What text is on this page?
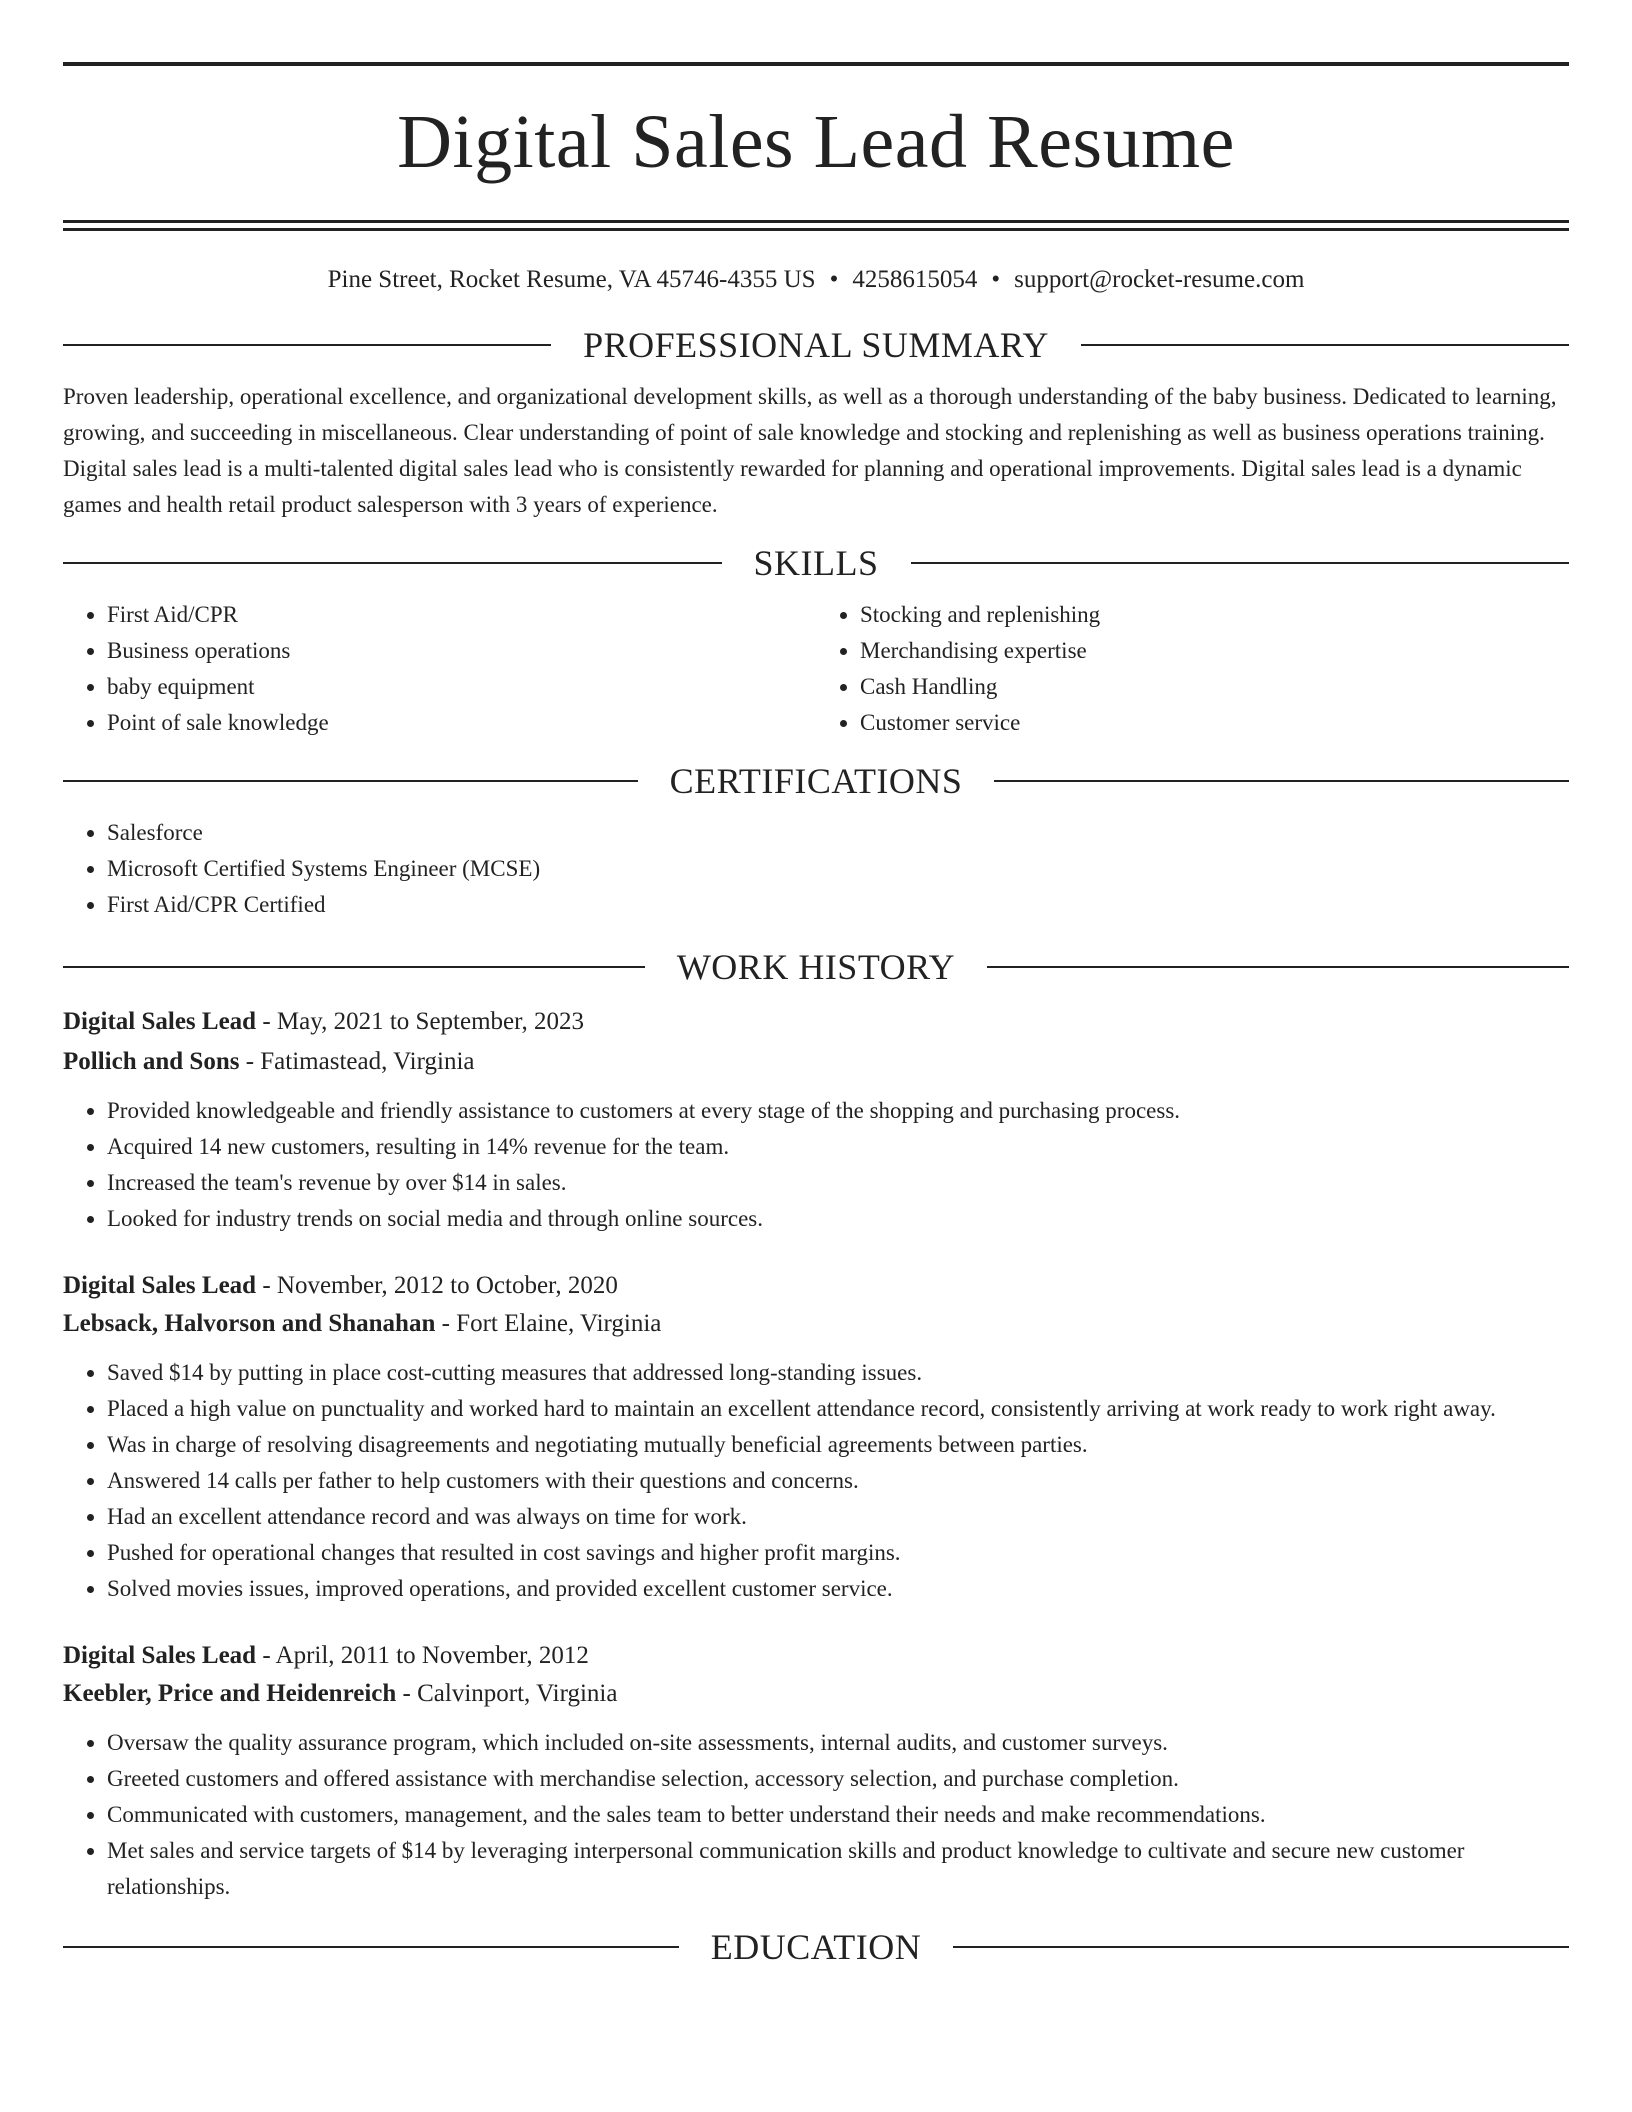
Digital Sales Lead Resume
Pine Street, Rocket Resume, VA 45746-4355 US • 4258615054 • support@rocket-resume.com
PROFESSIONAL SUMMARY

Proven leadership, operational excellence, and organizational development skills, as well as a thorough understanding of the baby business. Dedicated to learning, growing, and succeeding in miscellaneous. Clear understanding of point of sale knowledge and stocking and replenishing as well as business operations training. Digital sales lead is a multi-talented digital sales lead who is consistently rewarded for planning and operational improvements. Digital sales lead is a dynamic games and health retail product salesperson with 3 years of experience.

SKILLS
• First Aid/CPR
• Business operations
• baby equipment
• Point of sale knowledge
• Stocking and replenishing
• Merchandising expertise
• Cash Handling
• Customer service
CERTIFICATIONS
• Salesforce
• Microsoft Certified Systems Engineer (MCSE)
• First Aid/CPR Certified
WORK HISTORY

Digital Sales Lead - May, 2021 to September, 2023

Pollich and Sons - Fatimastead, Virginia

• Provided knowledgeable and friendly assistance to customers at every stage of the shopping and purchasing process.
• Acquired 14 new customers, resulting in 14% revenue for the team.
• Increased the team's revenue by over $14 in sales.
• Looked for industry trends on social media and through online sources.

Digital Sales Lead - November, 2012 to October, 2020

Lebsack, Halvorson and Shanahan - Fort Elaine, Virginia

• Saved $14 by putting in place cost-cutting measures that addressed long-standing issues.
• Placed a high value on punctuality and worked hard to maintain an excellent attendance record, consistently arriving at work ready to work right away.
• Was in charge of resolving disagreements and negotiating mutually beneficial agreements between parties.
• Answered 14 calls per father to help customers with their questions and concerns.
• Had an excellent attendance record and was always on time for work.
• Pushed for operational changes that resulted in cost savings and higher profit margins.
• Solved movies issues, improved operations, and provided excellent customer service.

Digital Sales Lead - April, 2011 to November, 2012

Keebler, Price and Heidenreich - Calvinport, Virginia

• Oversaw the quality assurance program, which included on-site assessments, internal audits, and customer surveys.
• Greeted customers and offered assistance with merchandise selection, accessory selection, and purchase completion.
• Communicated with customers, management, and the sales team to better understand their needs and make recommendations.
• Met sales and service targets of $14 by leveraging interpersonal communication skills and product knowledge to cultivate and secure new customer relationships.
EDUCATION
